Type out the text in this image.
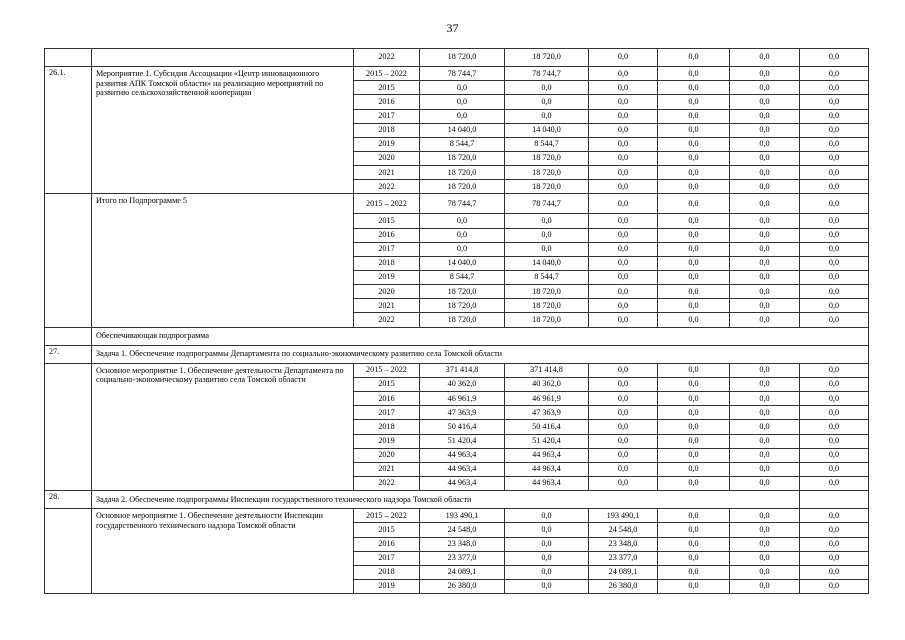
37
		2022	18 720,0	18 720,0	0,0	0,0	0,0	0,0
26.1.	Мероприятие 1. Субсидия Ассоциации «Центр инновационного развития АПК Томской области» на реализацию мероприятий по развитию сельскохозяйственной кооперации	2015 – 2022	78 744,7	78 744,7	0,0	0,0	0,0	0,0
		2015	0,0	0,0	0,0	0,0	0,0	0,0
		2016	0,0	0,0	0,0	0,0	0,0	0,0
		2017	0,0	0,0	0,0	0,0	0,0	0,0
		2018	14 040,0	14 040,0	0,0	0,0	0,0	0,0
		2019	8 544,7	8 544,7	0,0	0,0	0,0	0,0
		2020	18 720,0	18 720,0	0,0	0,0	0,0	0,0
		2021	18 720,0	18 720,0	0,0	0,0	0,0	0,0
		2022	18 720,0	18 720,0	0,0	0,0	0,0	0,0
	Итого по Подпрограмме 5	2015 – 2022	78 744,7	78 744,7	0,0	0,0	0,0	0,0
		2015	0,0	0,0	0,0	0,0	0,0	0,0
		2016	0,0	0,0	0,0	0,0	0,0	0,0
		2017	0,0	0,0	0,0	0,0	0,0	0,0
		2018	14 040,0	14 040,0	0,0	0,0	0,0	0,0
		2019	8 544,7	8 544,7	0,0	0,0	0,0	0,0
		2020	18 720,0	18 720,0	0,0	0,0	0,0	0,0
		2021	18 720,0	18 720,0	0,0	0,0	0,0	0,0
		2022	18 720,0	18 720,0	0,0	0,0	0,0	0,0
	Обеспечивающая подпрограмма							
27.	Задача 1. Обеспечение подпрограммы Департамента по социально-экономическому развитию села Томской области							
	Основное мероприятие 1. Обеспечение деятельности Департамента по социально-экономическому развитию села Томской области	2015 – 2022	371 414,8	371 414,8	0,0	0,0	0,0	0,0
		2015	40 362,0	40 362,0	0,0	0,0	0,0	0,0
		2016	46 961,9	46 961,9	0,0	0,0	0,0	0,0
		2017	47 363,9	47 363,9	0,0	0,0	0,0	0,0
		2018	50 416,4	50 416,4	0,0	0,0	0,0	0,0
		2019	51 420,4	51 420,4	0,0	0,0	0,0	0,0
		2020	44 963,4	44 963,4	0,0	0,0	0,0	0,0
		2021	44 963,4	44 963,4	0,0	0,0	0,0	0,0
		2022	44 963,4	44 963,4	0,0	0,0	0,0	0,0
28.	Задача 2. Обеспечение подпрограммы Инспекции государственного технического надзора Томской области							
	Основное мероприятие 1. Обеспечение деятельности Инспекции государственного технического надзора Томской области	2015 – 2022	193 490,1	0,0	193 490,1	0,0	0,0	0,0
		2015	24 548,0	0,0	24 548,0	0,0	0,0	0,0
		2016	23 348,0	0,0	23 348,0	0,0	0,0	0,0
		2017	23 377,0	0,0	23 377,0	0,0	0,0	0,0
		2018	24 089,1	0,0	24 089,1	0,0	0,0	0,0
		2019	26 380,0	0,0	26 380,0	0,0	0,0	0,0
